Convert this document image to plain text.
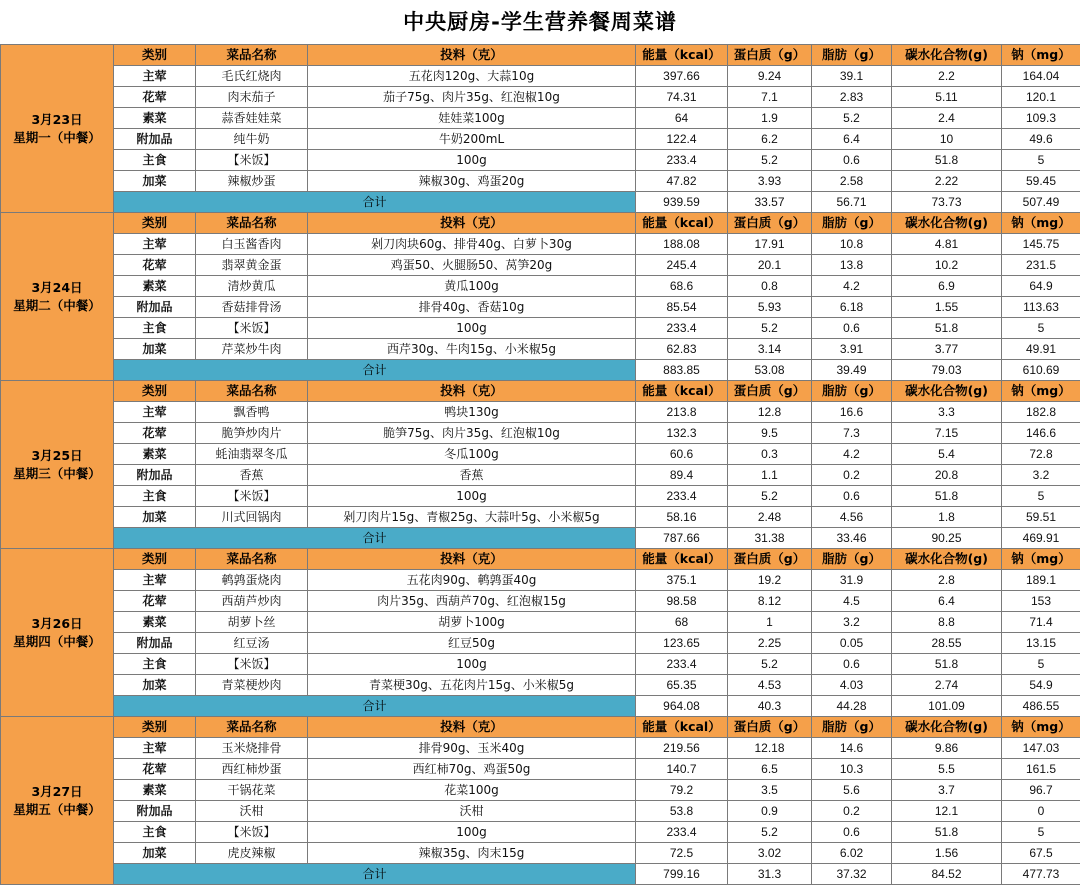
中央厨房-学生营养餐周菜谱
3月23日
星期一（中餐）	类别	菜品名称	投料（克）	能量（kcal）	蛋白质（g）	脂肪（g）	碳水化合物(g)	钠（mg）
	主荤	毛氏红烧肉	五花肉120g、大蒜10g	397.66	9.24	39.1	2.2	164.04
	花荤	肉末茄子	茄子75g、肉片35g、红泡椒10g	74.31	7.1	2.83	5.11	120.1
	素菜	蒜香娃娃菜	娃娃菜100g	64	1.9	5.2	2.4	109.3
	附加品	纯牛奶	牛奶200mL	122.4	6.2	6.4	10	49.6
	主食	【米饭】	100g	233.4	5.2	0.6	51.8	5
	加菜	辣椒炒蛋	辣椒30g、鸡蛋20g	47.82	3.93	2.58	2.22	59.45
	合计			939.59	33.57	56.71	73.73	507.49

3月24日
星期二（中餐）	类别	菜品名称	投料（克）	能量（kcal）	蛋白质（g）	脂肪（g）	碳水化合物(g)	钠（mg）
	主荤	白玉酱香肉	剁刀肉块60g、排骨40g、白萝卜30g	188.08	17.91	10.8	4.81	145.75
	花荤	翡翠黄金蛋	鸡蛋50、火腿肠50、莴笋20g	245.4	20.1	13.8	10.2	231.5
	素菜	清炒黄瓜	黄瓜100g	68.6	0.8	4.2	6.9	64.9
	附加品	香菇排骨汤	排骨40g、香菇10g	85.54	5.93	6.18	1.55	113.63
	主食	【米饭】	100g	233.4	5.2	0.6	51.8	5
	加菜	芹菜炒牛肉	西芹30g、牛肉15g、小米椒5g	62.83	3.14	3.91	3.77	49.91
	合计			883.85	53.08	39.49	79.03	610.69

3月25日
星期三（中餐）	类别	菜品名称	投料（克）	能量（kcal）	蛋白质（g）	脂肪（g）	碳水化合物(g)	钠（mg）
	主荤	飘香鸭	鸭块130g	213.8	12.8	16.6	3.3	182.8
	花荤	脆笋炒肉片	脆笋75g、肉片35g、红泡椒10g	132.3	9.5	7.3	7.15	146.6
	素菜	蚝油翡翠冬瓜	冬瓜100g	60.6	0.3	4.2	5.4	72.8
	附加品	香蕉	香蕉	89.4	1.1	0.2	20.8	3.2
	主食	【米饭】	100g	233.4	5.2	0.6	51.8	5
	加菜	川式回锅肉	剁刀肉片15g、青椒25g、大蒜叶5g、小米椒5g	58.16	2.48	4.56	1.8	59.51
	合计			787.66	31.38	33.46	90.25	469.91

3月26日
星期四（中餐）	类别	菜品名称	投料（克）	能量（kcal）	蛋白质（g）	脂肪（g）	碳水化合物(g)	钠（mg）
	主荤	鹌鹑蛋烧肉	五花肉90g、鹌鹑蛋40g	375.1	19.2	31.9	2.8	189.1
	花荤	西葫芦炒肉	肉片35g、西葫芦70g、红泡椒15g	98.58	8.12	4.5	6.4	153
	素菜	胡萝卜丝	胡萝卜100g	68	1	3.2	8.8	71.4
	附加品	红豆汤	红豆50g	123.65	2.25	0.05	28.55	13.15
	主食	【米饭】	100g	233.4	5.2	0.6	51.8	5
	加菜	青菜梗炒肉	青菜梗30g、五花肉片15g、小米椒5g	65.35	4.53	4.03	2.74	54.9
	合计			964.08	40.3	44.28	101.09	486.55

3月27日
星期五（中餐）	类别	菜品名称	投料（克）	能量（kcal）	蛋白质（g）	脂肪（g）	碳水化合物(g)	钠（mg）
	主荤	玉米烧排骨	排骨90g、玉米40g	219.56	12.18	14.6	9.86	147.03
	花荤	西红柿炒蛋	西红柿70g、鸡蛋50g	140.7	6.5	10.3	5.5	161.5
	素菜	干锅花菜	花菜100g	79.2	3.5	5.6	3.7	96.7
	附加品	沃柑	沃柑	53.8	0.9	0.2	12.1	0
	主食	【米饭】	100g	233.4	5.2	0.6	51.8	5
	加菜	虎皮辣椒	辣椒35g、肉末15g	72.5	3.02	6.02	1.56	67.5
	合计			799.16	31.3	37.32	84.52	477.73
